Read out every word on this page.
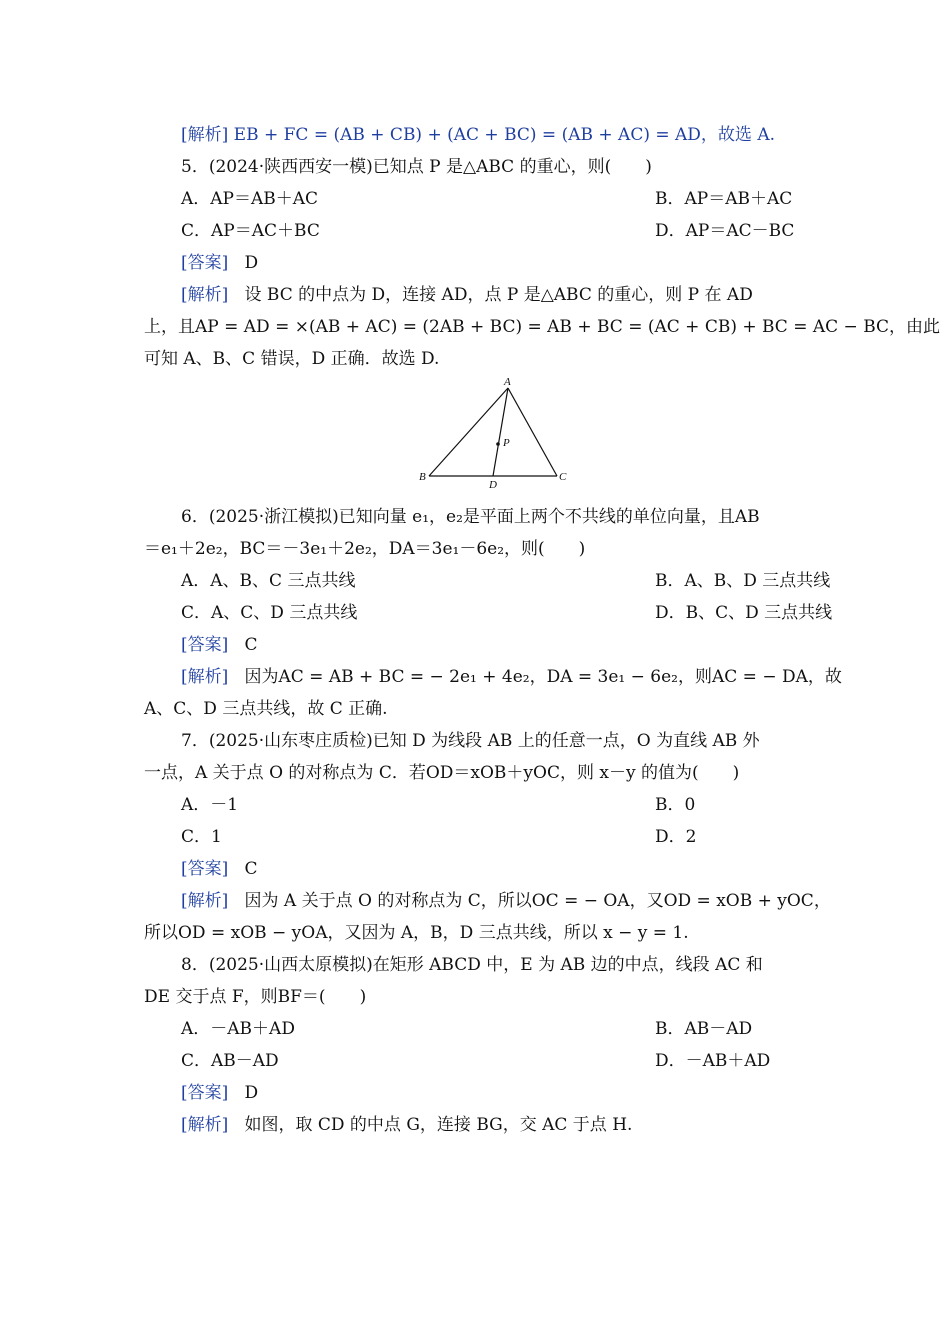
[解析] EB + FC = (AB + CB) + (AC + BC) = (AB + AC) = AD，故选 A.
5．(2024·陕西西安一模)已知点 P 是△ABC 的重心，则(　　)
A．AP＝AB＋AC	B．AP＝AB＋AC
C．AP＝AC＋BC	D．AP＝AC－BC
[答案] D
[解析] 设 BC 的中点为 D，连接 AD，点 P 是△ABC 的重心，则 P 在 AD
上，且AP = AD = ×(AB + AC) = (2AB + BC) = AB + BC = (AC + CB) + BC = AC − BC，由此
可知 A、B、C 错误，D 正确．故选 D.
A
B	C
D
P
6．(2025·浙江模拟)已知向量 e₁，e₂是平面上两个不共线的单位向量，且AB
＝e₁＋2e₂，BC＝－3e₁＋2e₂，DA＝3e₁－6e₂，则(　　)
A．A、B、C 三点共线	B．A、B、D 三点共线
C．A、C、D 三点共线	D．B、C、D 三点共线
[答案] C
[解析] 因为AC = AB + BC = − 2e₁ + 4e₂，DA = 3e₁ − 6e₂，则AC = − DA，故
A、C、D 三点共线，故 C 正确.
7．(2025·山东枣庄质检)已知 D 为线段 AB 上的任意一点，O 为直线 AB 外
一点，A 关于点 O 的对称点为 C．若OD＝xOB＋yOC，则 x－y 的值为(　　)
A．－1	B．0
C．1	D．2
[答案] C
[解析] 因为 A 关于点 O 的对称点为 C，所以OC = − OA，又OD = xOB + yOC，
所以OD = xOB − yOA，又因为 A，B，D 三点共线，所以 x − y = 1.
8．(2025·山西太原模拟)在矩形 ABCD 中，E 为 AB 边的中点，线段 AC 和
DE 交于点 F，则BF＝(　　)
A．－AB＋AD	B．AB－AD
C．AB－AD	D．－AB＋AD
[答案] D
[解析] 如图，取 CD 的中点 G，连接 BG，交 AC 于点 H.
